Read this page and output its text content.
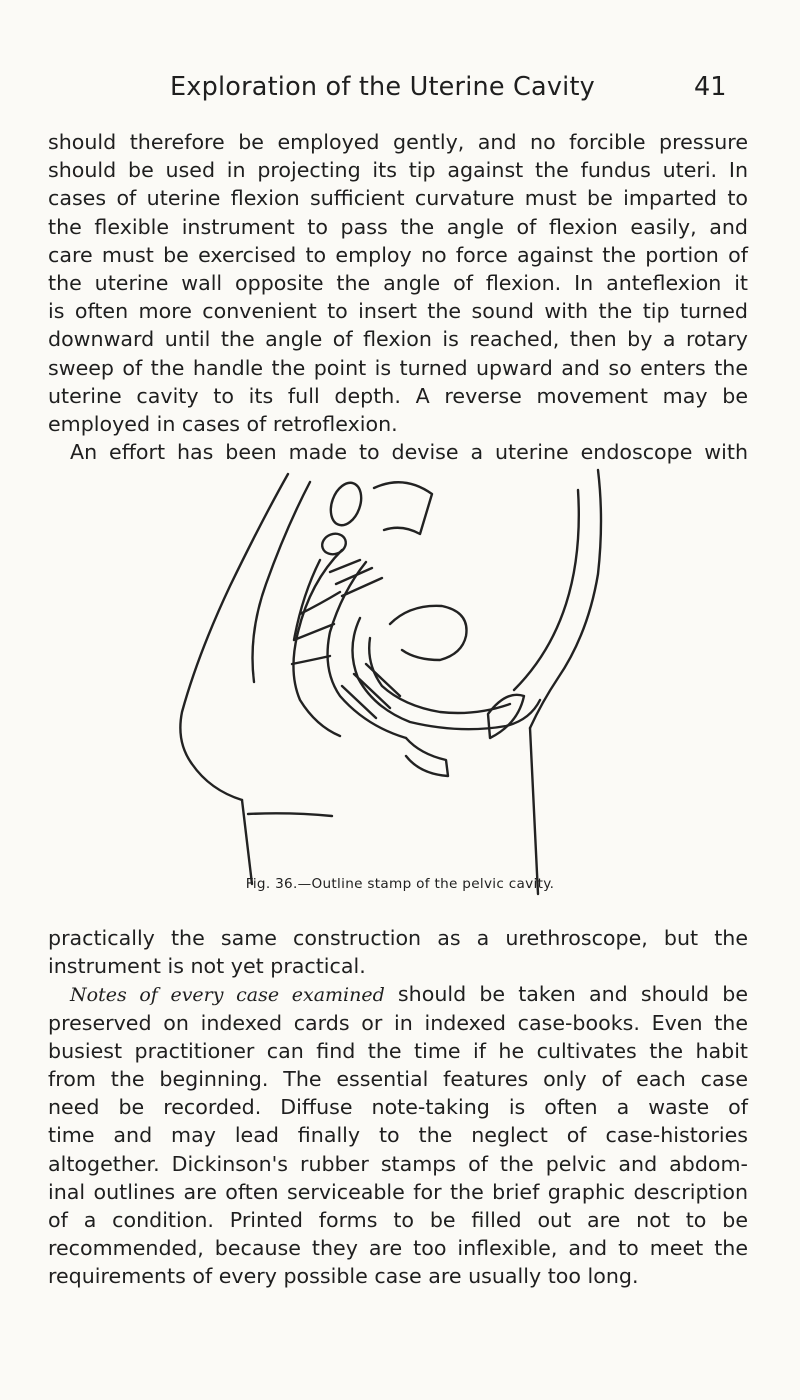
Exploration of the Uterine Cavity	41
should therefore be employed gently, and no forcible pressure
should be used in projecting its tip against the fundus uteri. In
cases of uterine flexion sufficient curvature must be imparted to
the flexible instrument to pass the angle of flexion easily, and
care must be exercised to employ no force against the portion of
the uterine wall opposite the angle of flexion. In anteflexion it
is often more convenient to insert the sound with the tip turned
downward until the angle of flexion is reached, then by a rotary
sweep of the handle the point is turned upward and so enters the
uterine cavity to its full depth. A reverse movement may be
employed in cases of retroflexion.
An effort has been made to devise a uterine endoscope with
Fig. 36.—Outline stamp of the pelvic cavity.
practically the same construction as a urethroscope, but the
instrument is not yet practical.
Notes of every case examined should be taken and should be
preserved on indexed cards or in indexed case-books. Even the
busiest practitioner can find the time if he cultivates the habit
from the beginning. The essential features only of each case
need be recorded. Diffuse note-taking is often a waste of
time and may lead finally to the neglect of case-histories
altogether. Dickinson's rubber stamps of the pelvic and abdom-
inal outlines are often serviceable for the brief graphic description
of a condition. Printed forms to be filled out are not to be
recommended, because they are too inflexible, and to meet the
requirements of every possible case are usually too long.
